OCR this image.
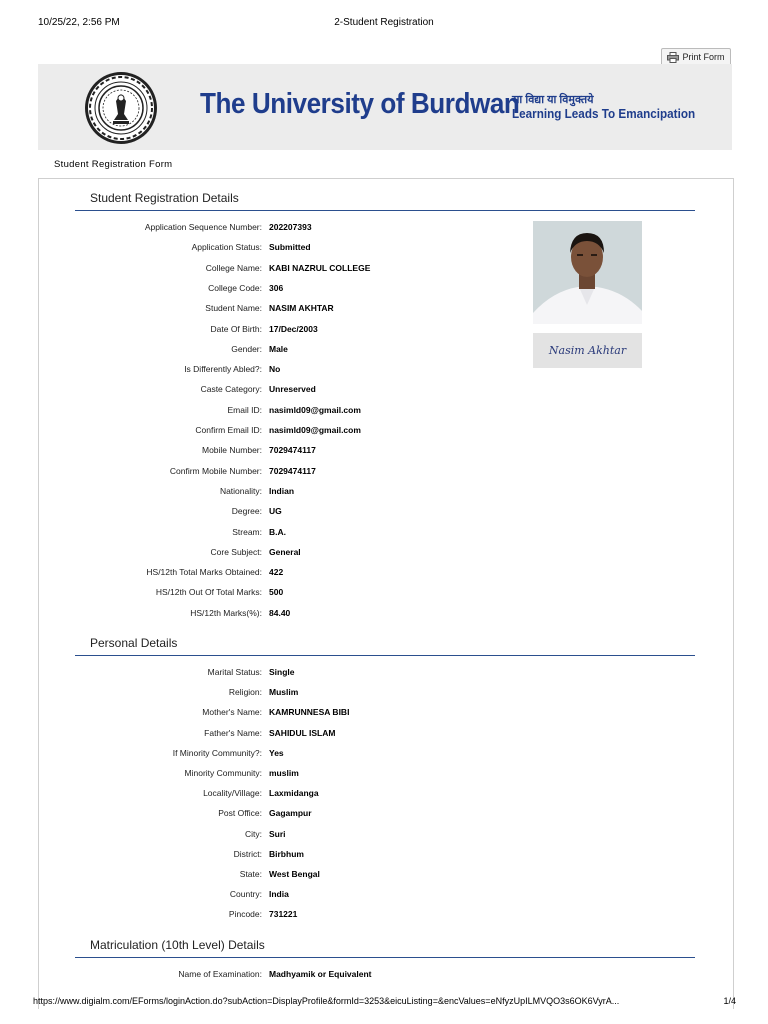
10/25/22, 2:56 PM	2-Student Registration
Print Form
The University of Burdwan
सा विद्या या विमुक्तये
Learning Leads To Emancipation
Student Registration Form
Student Registration Details
Application Sequence Number: 202207393
Application Status: Submitted
College Name: KABI NAZRUL COLLEGE
College Code: 306
Student Name: NASIM AKHTAR
Date Of Birth: 17/Dec/2003
Gender: Male
Is Differently Abled?: No
Caste Category: Unreserved
Email ID: nasimld09@gmail.com
Confirm Email ID: nasimld09@gmail.com
Mobile Number: 7029474117
Confirm Mobile Number: 7029474117
Nationality: Indian
Degree: UG
Stream: B.A.
Core Subject: General
HS/12th Total Marks Obtained: 422
HS/12th Out Of Total Marks: 500
HS/12th Marks(%): 84.40
Nasim Akhtar
Personal Details
Marital Status: Single
Religion: Muslim
Mother's Name: KAMRUNNESA BIBI
Father's Name: SAHIDUL ISLAM
If Minority Community?: Yes
Minority Community: muslim
Locality/Village: Laxmidanga
Post Office: Gagampur
City: Suri
District: Birbhum
State: West Bengal
Country: India
Pincode: 731221
Matriculation (10th Level) Details
Name of Examination: Madhyamik or Equivalent
https://www.digialm.com/EForms/loginAction.do?subAction=DisplayProfile&formId=3253&eicuListing=&encValues=eNfyzUpILMVQO3s6OK6VyrA...	1/4
